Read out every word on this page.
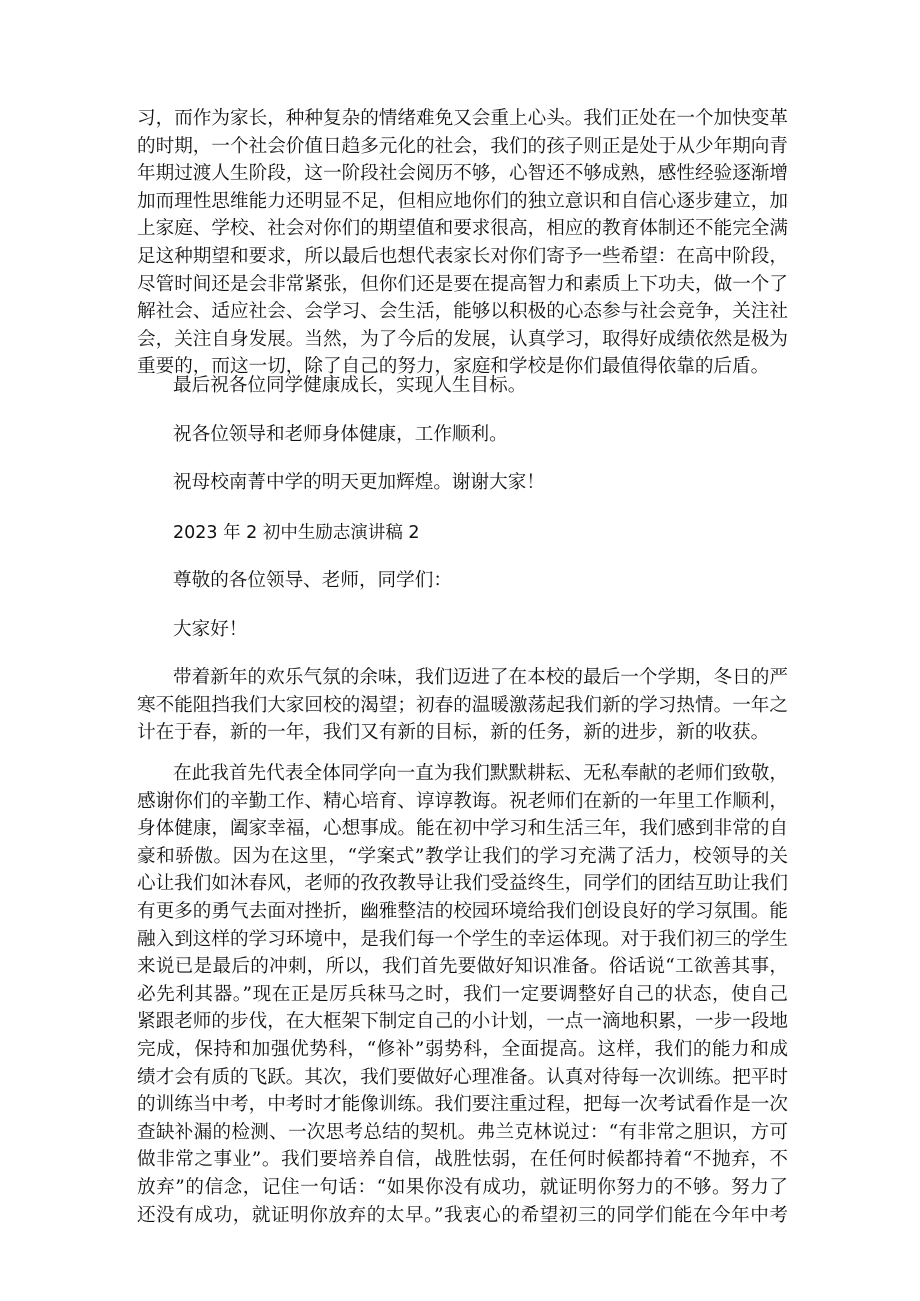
习，而作为家长，种种复杂的情绪难免又会重上心头。我们正处在一个加快变革
的时期，一个社会价值日趋多元化的社会，我们的孩子则正是处于从少年期向青
年期过渡人生阶段，这一阶段社会阅历不够，心智还不够成熟，感性经验逐渐增
加而理性思维能力还明显不足，但相应地你们的独立意识和自信心逐步建立，加
上家庭、学校、社会对你们的期望值和要求很高，相应的教育体制还不能完全满
足这种期望和要求，所以最后也想代表家长对你们寄予一些希望：在高中阶段，
尽管时间还是会非常紧张，但你们还是要在提高智力和素质上下功夫，做一个了
解社会、适应社会、会学习、会生活，能够以积极的心态参与社会竞争，关注社
会，关注自身发展。当然，为了今后的发展，认真学习，取得好成绩依然是极为
重要的，而这一切，除了自己的努力，家庭和学校是你们最值得依靠的后盾。

最后祝各位同学健康成长，实现人生目标。

祝各位领导和老师身体健康，工作顺利。

祝母校南菁中学的明天更加辉煌。谢谢大家！

2023 年 2 初中生励志演讲稿 2

尊敬的各位领导、老师，同学们：

大家好！

带着新年的欢乐气氛的余味，我们迈进了在本校的最后一个学期，冬日的严
寒不能阻挡我们大家回校的渴望；初春的温暖激荡起我们新的学习热情。一年之
计在于春，新的一年，我们又有新的目标，新的任务，新的进步，新的收获。
在此我首先代表全体同学向一直为我们默默耕耘、无私奉献的老师们致敬，
感谢你们的辛勤工作、精心培育、谆谆教诲。祝老师们在新的一年里工作顺利，
身体健康，阖家幸福，心想事成。能在初中学习和生活三年，我们感到非常的自
豪和骄傲。因为在这里，“学案式”教学让我们的学习充满了活力，校领导的关
心让我们如沐春风，老师的孜孜教导让我们受益终生，同学们的团结互助让我们
有更多的勇气去面对挫折，幽雅整洁的校园环境给我们创设良好的学习氛围。能
融入到这样的学习环境中，是我们每一个学生的幸运体现。对于我们初三的学生
来说已是最后的冲刺，所以，我们首先要做好知识准备。俗话说“工欲善其事，
必先利其器。”现在正是厉兵秣马之时，我们一定要调整好自己的状态，使自己
紧跟老师的步伐，在大框架下制定自己的小计划，一点一滴地积累，一步一段地
完成，保持和加强优势科，“修补”弱势科，全面提高。这样，我们的能力和成
绩才会有质的飞跃。其次，我们要做好心理准备。认真对待每一次训练。把平时
的训练当中考，中考时才能像训练。我们要注重过程，把每一次考试看作是一次
查缺补漏的检测、一次思考总结的契机。弗兰克林说过：“有非常之胆识，方可
做非常之事业”。我们要培养自信，战胜怯弱，在任何时候都持着“不抛弃，不
放弃”的信念，记住一句话：“如果你没有成功，就证明你努力的不够。努力了
还没有成功，就证明你放弃的太早。”我衷心的希望初三的同学们能在今年中考
